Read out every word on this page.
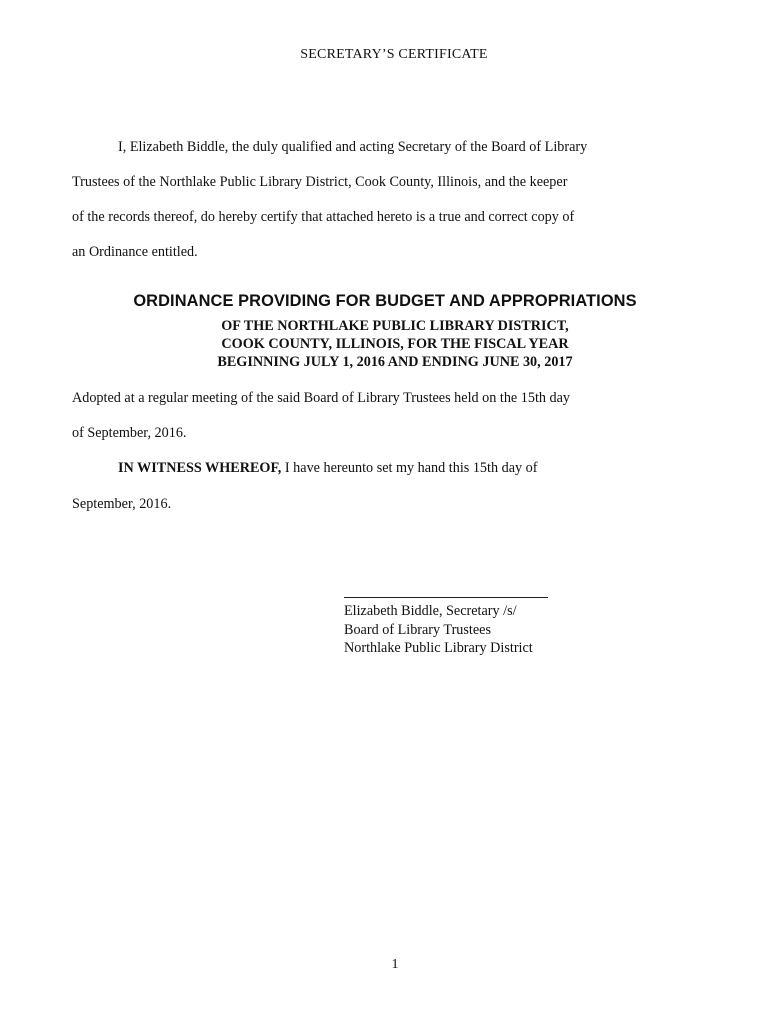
SECRETARY’S CERTIFICATE
I, Elizabeth Biddle, the duly qualified and acting Secretary of the Board of Library
Trustees of the Northlake Public Library District, Cook County, Illinois, and the keeper
of the records thereof, do hereby certify that attached hereto is a true and correct copy of
an Ordinance entitled.
ORDINANCE PROVIDING FOR BUDGET AND APPROPRIATIONS
OF THE NORTHLAKE PUBLIC LIBRARY DISTRICT,
COOK COUNTY, ILLINOIS, FOR THE FISCAL YEAR
BEGINNING JULY 1, 2016 AND ENDING JUNE 30, 2017
Adopted at a regular meeting of the said Board of Library Trustees held on the 15th day
of September, 2016.
IN WITNESS WHEREOF, I have hereunto set my hand this 15th day of
September, 2016.
Elizabeth Biddle, Secretary /s/
Board of Library Trustees
Northlake Public Library District
1
